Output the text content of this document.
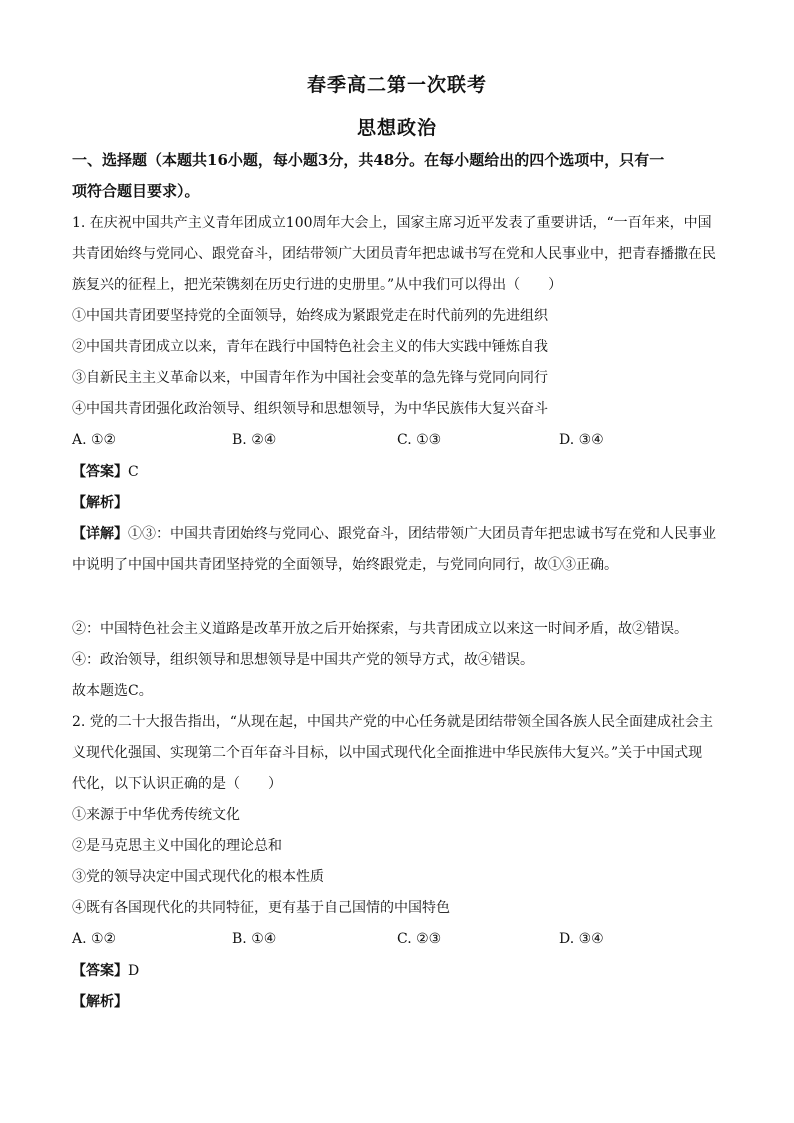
春季高二第一次联考
思想政治
一、选择题（本题共16小题，每小题3分，共48分。在每小题给出的四个选项中，只有一
项符合题目要求）。
1. 在庆祝中国共产主义青年团成立100周年大会上，国家主席习近平发表了重要讲话，“一百年来，中国
共青团始终与党同心、跟党奋斗，团结带领广大团员青年把忠诚书写在党和人民事业中，把青春播撒在民
族复兴的征程上，把光荣镌刻在历史行进的史册里。”从中我们可以得出（　　）
①中国共青团要坚持党的全面领导，始终成为紧跟党走在时代前列的先进组织
②中国共青团成立以来，青年在践行中国特色社会主义的伟大实践中锤炼自我
③自新民主主义革命以来，中国青年作为中国社会变革的急先锋与党同向同行
④中国共青团强化政治领导、组织领导和思想领导，为中华民族伟大复兴奋斗
A. ①②	B. ②④	C. ①③	D. ③④
【答案】C
【解析】
【详解】①③：中国共青团始终与党同心、跟党奋斗，团结带领广大团员青年把忠诚书写在党和人民事业
中说明了中国中国共青团坚持党的全面领导，始终跟党走，与党同向同行，故①③正确。
②：中国特色社会主义道路是改革开放之后开始探索，与共青团成立以来这一时间矛盾，故②错误。
④：政治领导，组织领导和思想领导是中国共产党的领导方式，故④错误。
故本题选C。
2. 党的二十大报告指出，“从现在起，中国共产党的中心任务就是团结带领全国各族人民全面建成社会主
义现代化强国、实现第二个百年奋斗目标，以中国式现代化全面推进中华民族伟大复兴。”关于中国式现
代化，以下认识正确的是（　　）
①来源于中华优秀传统文化
②是马克思主义中国化的理论总和
③党的领导决定中国式现代化的根本性质
④既有各国现代化的共同特征，更有基于自己国情的中国特色
A. ①②	B. ①④	C. ②③	D. ③④
【答案】D
【解析】
